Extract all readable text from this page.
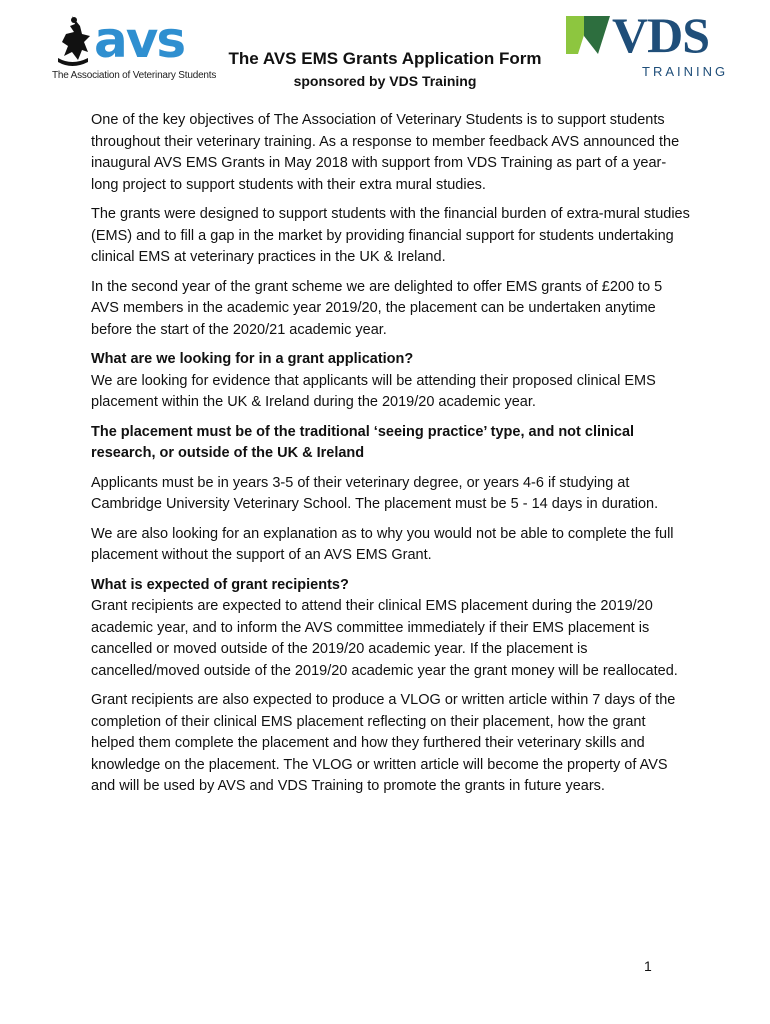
avs
The Association of Veterinary Students
VDS
TRAINING
The AVS EMS Grants Application Form
sponsored by VDS Training

One of the key objectives of The Association of Veterinary Students is to support students throughout their veterinary training. As a response to member feedback AVS announced the inaugural AVS EMS Grants in May 2018 with support from VDS Training as part of a year-long project to support students with their extra mural studies.

The grants were designed to support students with the financial burden of extra-mural studies (EMS) and to fill a gap in the market by providing financial support for students undertaking clinical EMS at veterinary practices in the UK & Ireland.

In the second year of the grant scheme we are delighted to offer EMS grants of £200 to 5 AVS members in the academic year 2019/20, the placement can be undertaken anytime before the start of the 2020/21 academic year.

What are we looking for in a grant application?

We are looking for evidence that applicants will be attending their proposed clinical EMS placement within the UK & Ireland during the 2019/20 academic year.

The placement must be of the traditional ‘seeing practice’ type, and not clinical research, or outside of the UK & Ireland

Applicants must be in years 3-5 of their veterinary degree, or years 4-6 if studying at Cambridge University Veterinary School. The placement must be 5 - 14 days in duration.

We are also looking for an explanation as to why you would not be able to complete the full placement without the support of an AVS EMS Grant.

What is expected of grant recipients?

Grant recipients are expected to attend their clinical EMS placement during the 2019/20 academic year, and to inform the AVS committee immediately if their EMS placement is cancelled or moved outside of the 2019/20 academic year. If the placement is cancelled/moved outside of the 2019/20 academic year the grant money will be reallocated.

Grant recipients are also expected to produce a VLOG or written article within 7 days of the completion of their clinical EMS placement reflecting on their placement, how the grant helped them complete the placement and how they furthered their veterinary skills and knowledge on the placement. The VLOG or written article will become the property of AVS and will be used by AVS and VDS Training to promote the grants in future years.

1
